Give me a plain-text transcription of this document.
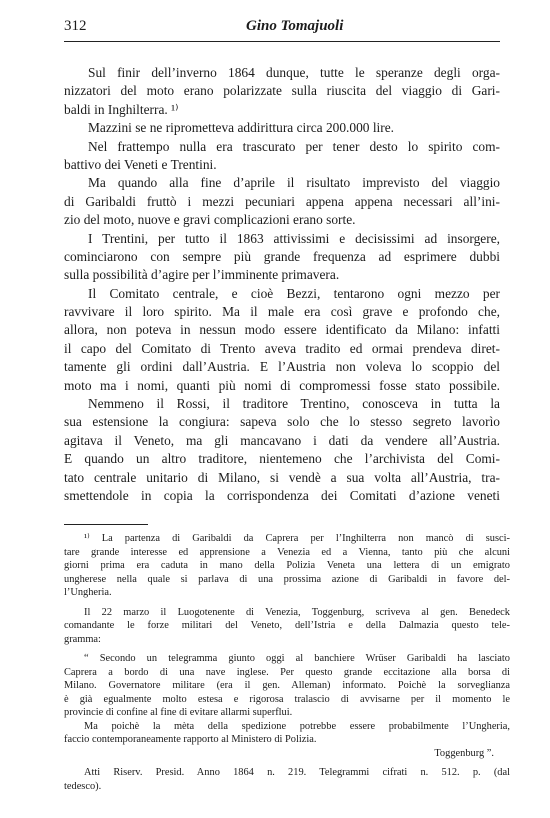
312	Gino Tomajuoli
Sul finir dell’inverno 1864 dunque, tutte le speranze degli orga-
nizzatori del moto erano polarizzate sulla riuscita del viaggio di Gari-
baldi in Inghilterra. ¹⁾
Mazzini se ne riprometteva addirittura circa 200.000 lire.
Nel frattempo nulla era trascurato per tener desto lo spirito com-
battivo dei Veneti e Trentini.
Ma quando alla fine d’aprile il risultato imprevisto del viaggio
di Garibaldi fruttò i mezzi pecuniari appena appena necessari all’ini-
zio del moto, nuove e gravi complicazioni erano sorte.
I Trentini, per tutto il 1863 attivissimi e decisissimi ad insorgere,
cominciarono con sempre più grande frequenza ad esprimere dubbi
sulla possibilità d’agire per l’imminente primavera.
Il Comitato centrale, e cioè Bezzi, tentarono ogni mezzo per
ravvivare il loro spirito. Ma il male era così grave e profondo che,
allora, non poteva in nessun modo essere identificato da Milano: infatti
il capo del Comitato di Trento aveva tradito ed ormai prendeva diret-
tamente gli ordini dall’Austria. E l’Austria non voleva lo scoppio del
moto ma i nomi, quanti più nomi di compromessi fosse stato possibile.
Nemmeno il Rossi, il traditore Trentino, conosceva in tutta la
sua estensione la congiura: sapeva solo che lo stesso segreto lavorìo
agitava il Veneto, ma gli mancavano i dati da vendere all’Austria.
E quando un altro traditore, nientemeno che l’archivista del Comi-
tato centrale unitario di Milano, si vendè a sua volta all’Austria, tra-
smettendole in copia la corrispondenza dei Comitati d’azione veneti
¹⁾ La partenza di Garibaldi da Caprera per l’Inghilterra non mancò di susci-
tare grande interesse ed apprensione a Venezia ed a Vienna, tanto più che alcuni
giorni prima era caduta in mano della Polizia Veneta una lettera di un emigrato
ungherese nella quale si parlava di una prossima azione di Garibaldi in favore del-
l’Ungheria.
Il 22 marzo il Luogotenente di Venezia, Toggenburg, scriveva al gen. Benedeck
comandante le forze militari del Veneto, dell’Istria e della Dalmazia questo tele-
gramma:
“ Secondo un telegramma giunto oggi al banchiere Wrüser Garibaldi ha lasciato
Caprera a bordo di una nave inglese. Per questo grande eccitazione alla borsa di
Milano. Governatore militare (era il gen. Alleman) informato. Poichè la sorveglianza
è già egualmente molto estesa e rigorosa tralascio di avvisarne per il momento le
provincie di confine al fine di evitare allarmi superflui.
Ma poichè la mèta della spedizione potrebbe essere probabilmente l’Ungheria,
faccio contemporaneamente rapporto al Ministero di Polizia.
Toggenburg ”.
Atti Riserv. Presid. Anno 1864 n. 219. Telegrammi cifrati n. 512. p. (dal
tedesco).
